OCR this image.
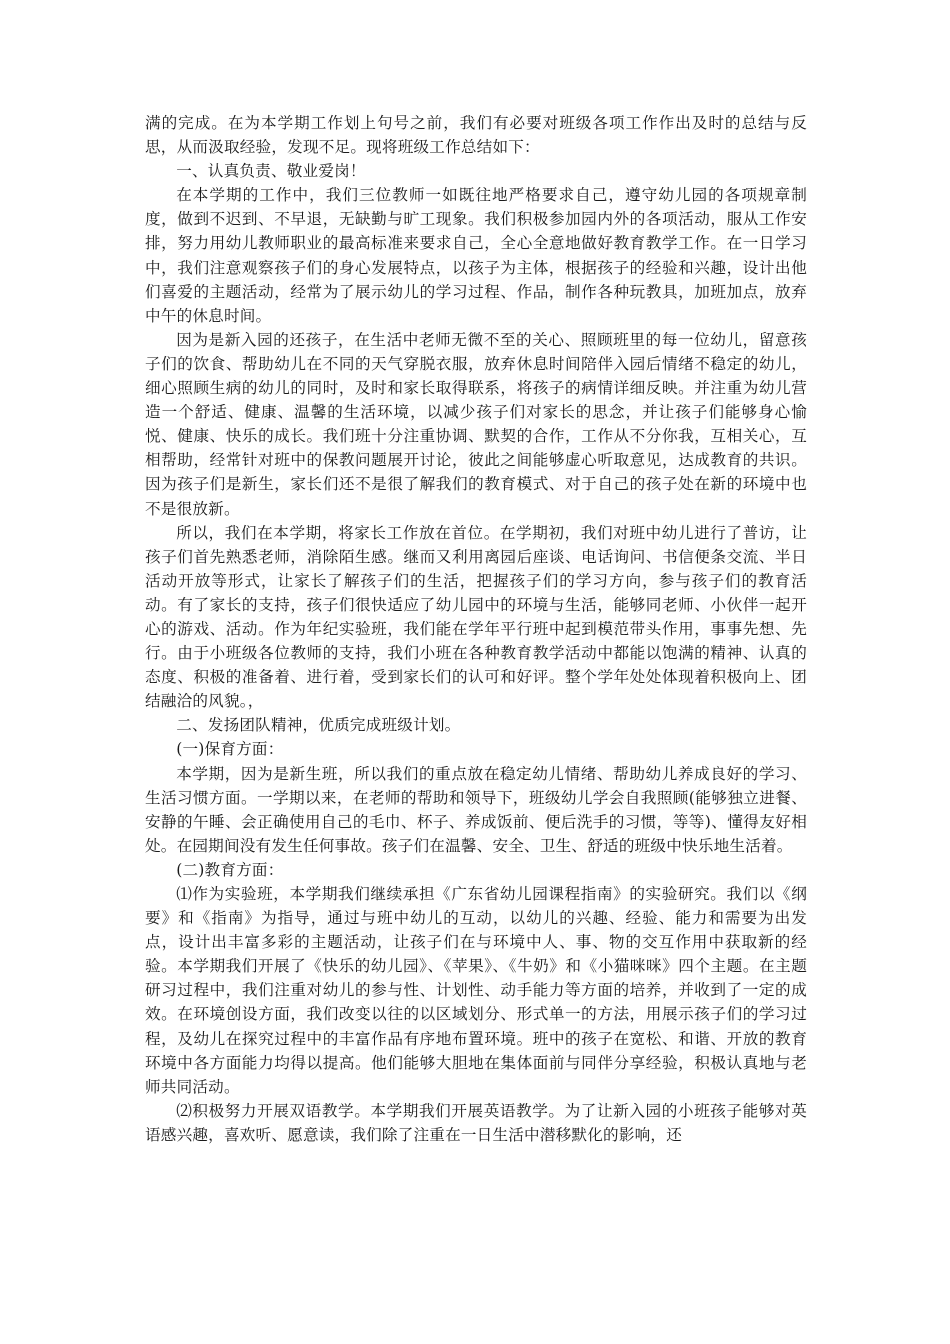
满的完成。在为本学期工作划上句号之前，我们有必要对班级各项工作作出及时的总结与反思，从而汲取经验，发现不足。现将班级工作总结如下：

一、认真负责、敬业爱岗！

在本学期的工作中，我们三位教师一如既往地严格要求自己，遵守幼儿园的各项规章制度，做到不迟到、不早退，无缺勤与旷工现象。我们积极参加园内外的各项活动，服从工作安排，努力用幼儿教师职业的最高标准来要求自己，全心全意地做好教育教学工作。在一日学习中，我们注意观察孩子们的身心发展特点，以孩子为主体，根据孩子的经验和兴趣，设计出他们喜爱的主题活动，经常为了展示幼儿的学习过程、作品，制作各种玩教具，加班加点，放弃中午的休息时间。

因为是新入园的还孩子，在生活中老师无微不至的关心、照顾班里的每一位幼儿，留意孩子们的饮食、帮助幼儿在不同的天气穿脱衣服，放弃休息时间陪伴入园后情绪不稳定的幼儿，细心照顾生病的幼儿的同时，及时和家长取得联系，将孩子的病情详细反映。并注重为幼儿营造一个舒适、健康、温馨的生活环境，以减少孩子们对家长的思念，并让孩子们能够身心愉悦、健康、快乐的成长。我们班十分注重协调、默契的合作，工作从不分你我，互相关心，互相帮助，经常针对班中的保教问题展开讨论，彼此之间能够虚心听取意见，达成教育的共识。因为孩子们是新生，家长们还不是很了解我们的教育模式、对于自己的孩子处在新的环境中也不是很放新。

所以，我们在本学期，将家长工作放在首位。在学期初，我们对班中幼儿进行了普访，让孩子们首先熟悉老师，消除陌生感。继而又利用离园后座谈、电话询问、书信便条交流、半日活动开放等形式，让家长了解孩子们的生活，把握孩子们的学习方向，参与孩子们的教育活动。有了家长的支持，孩子们很快适应了幼儿园中的环境与生活，能够同老师、小伙伴一起开心的游戏、活动。作为年纪实验班，我们能在学年平行班中起到模范带头作用，事事先想、先行。由于小班级各位教师的支持，我们小班在各种教育教学活动中都能以饱满的精神、认真的态度、积极的准备着、进行着，受到家长们的认可和好评。整个学年处处体现着积极向上、团结融洽的风貌。，

二、发扬团队精神，优质完成班级计划。

(一)保育方面：

本学期，因为是新生班，所以我们的重点放在稳定幼儿情绪、帮助幼儿养成良好的学习、生活习惯方面。一学期以来，在老师的帮助和领导下，班级幼儿学会自我照顾(能够独立进餐、安静的午睡、会正确使用自己的毛巾、杯子、养成饭前、便后洗手的习惯，等等)、懂得友好相处。在园期间没有发生任何事故。孩子们在温馨、安全、卫生、舒适的班级中快乐地生活着。

(二)教育方面：

⑴作为实验班，本学期我们继续承担《广东省幼儿园课程指南》的实验研究。我们以《纲要》和《指南》为指导，通过与班中幼儿的互动，以幼儿的兴趣、经验、能力和需要为出发点，设计出丰富多彩的主题活动，让孩子们在与环境中人、事、物的交互作用中获取新的经验。本学期我们开展了《快乐的幼儿园》、《苹果》、《牛奶》和《小猫咪咪》四个主题。在主题研习过程中，我们注重对幼儿的参与性、计划性、动手能力等方面的培养，并收到了一定的成效。在环境创设方面，我们改变以往的以区域划分、形式单一的方法，用展示孩子们的学习过程，及幼儿在探究过程中的丰富作品有序地布置环境。班中的孩子在宽松、和谐、开放的教育环境中各方面能力均得以提高。他们能够大胆地在集体面前与同伴分享经验，积极认真地与老师共同活动。

⑵积极努力开展双语教学。本学期我们开展英语教学。为了让新入园的小班孩子能够对英语感兴趣，喜欢听、愿意读，我们除了注重在一日生活中潜移默化的影响，还
